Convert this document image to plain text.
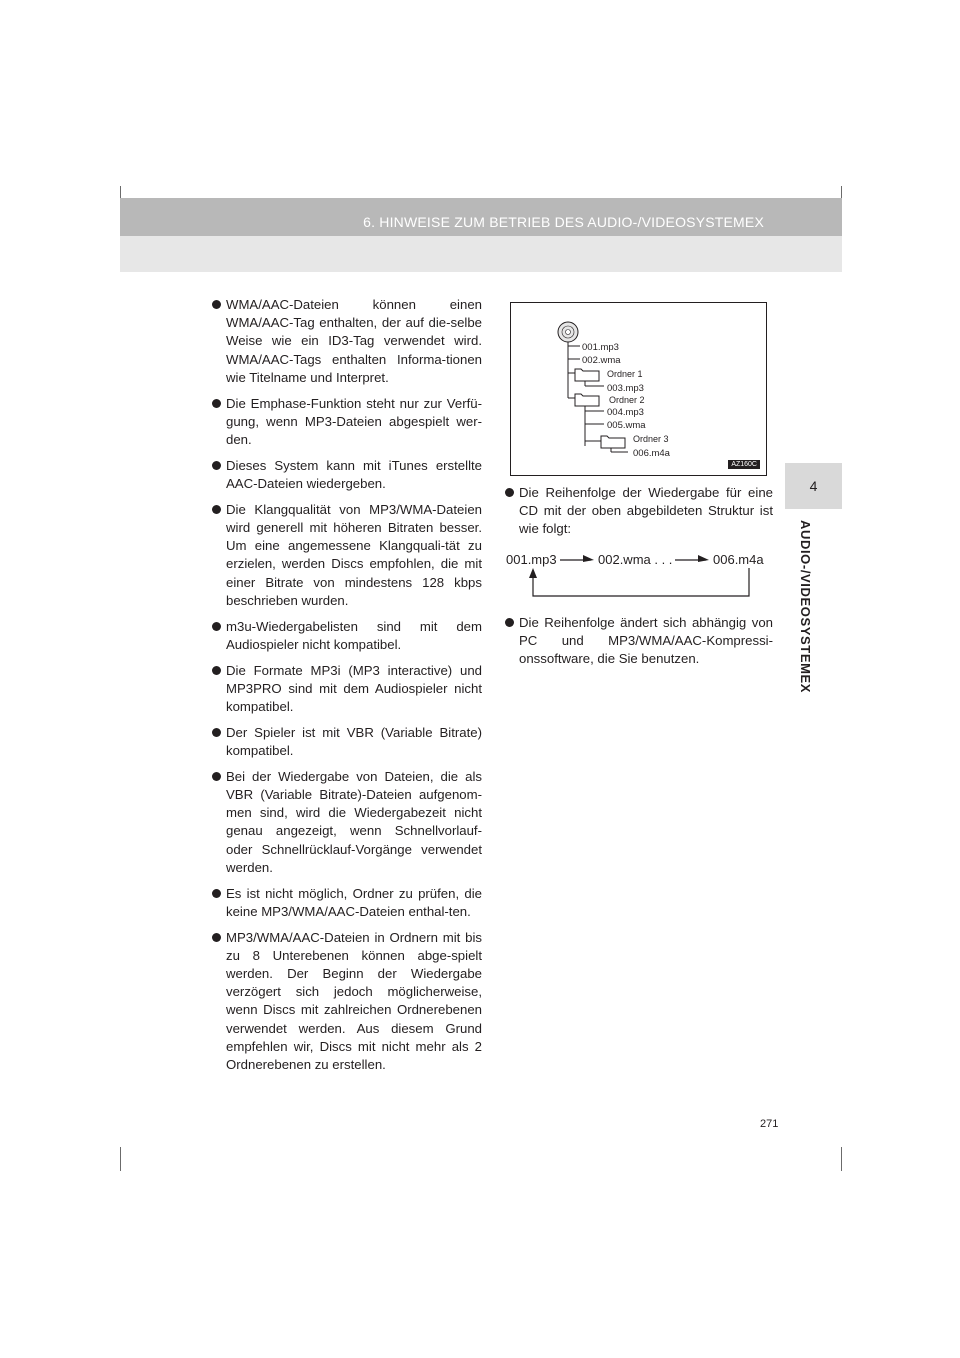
6. HINWEISE ZUM BETRIEB DES AUDIO-/VIDEOSYSTEMEX
4
AUDIO-/VIDEOSYSTEMEX
WMA/AAC-Dateien können einen WMA/AAC-Tag enthalten, der auf die-selbe Weise wie ein ID3-Tag verwendet wird. WMA/AAC-Tags enthalten Informa-tionen wie Titelname und Interpret.
Die Emphase-Funktion steht nur zur Verfü-gung, wenn MP3-Dateien abgespielt wer-den.
Dieses System kann mit iTunes erstellte AAC-Dateien wiedergeben.
Die Klangqualität von MP3/WMA-Dateien wird generell mit höheren Bitraten besser. Um eine angemessene Klangquali-tät zu erzielen, werden Discs empfohlen, die mit einer Bitrate von mindestens 128 kbps beschrieben wurden.
m3u-Wiedergabelisten sind mit dem Audiospieler nicht kompatibel.
Die Formate MP3i (MP3 interactive) und MP3PRO sind mit dem Audiospieler nicht kompatibel.
Der Spieler ist mit VBR (Variable Bitrate) kompatibel.
Bei der Wiedergabe von Dateien, die als VBR (Variable Bitrate)-Dateien aufgenom-men sind, wird die Wiedergabezeit nicht genau angezeigt, wenn Schnellvorlauf- oder Schnellrücklauf-Vorgänge verwendet werden.
Es ist nicht möglich, Ordner zu prüfen, die keine MP3/WMA/AAC-Dateien enthal-ten.
MP3/WMA/AAC-Dateien in Ordnern mit bis zu 8 Unterebenen können abge-spielt werden. Der Beginn der Wiedergabe verzögert sich jedoch möglicherweise, wenn Discs mit zahlreichen Ordnerebenen verwendet werden. Aus diesem Grund empfehlen wir, Discs mit nicht mehr als 2 Ordnerebenen zu erstellen.
001.mp3
002.wma
Ordner 1
003.mp3
Ordner 2
004.mp3
005.wma
Ordner 3
006.m4a
AZ160C
Die Reihenfolge der Wiedergabe für eine CD mit der oben abgebildeten Struktur ist wie folgt:
001.mp3	002.wma . . .	006.m4a
Die Reihenfolge ändert sich abhängig von PC und MP3/WMA/AAC-Kompressi-onssoftware, die Sie benutzen.
271
